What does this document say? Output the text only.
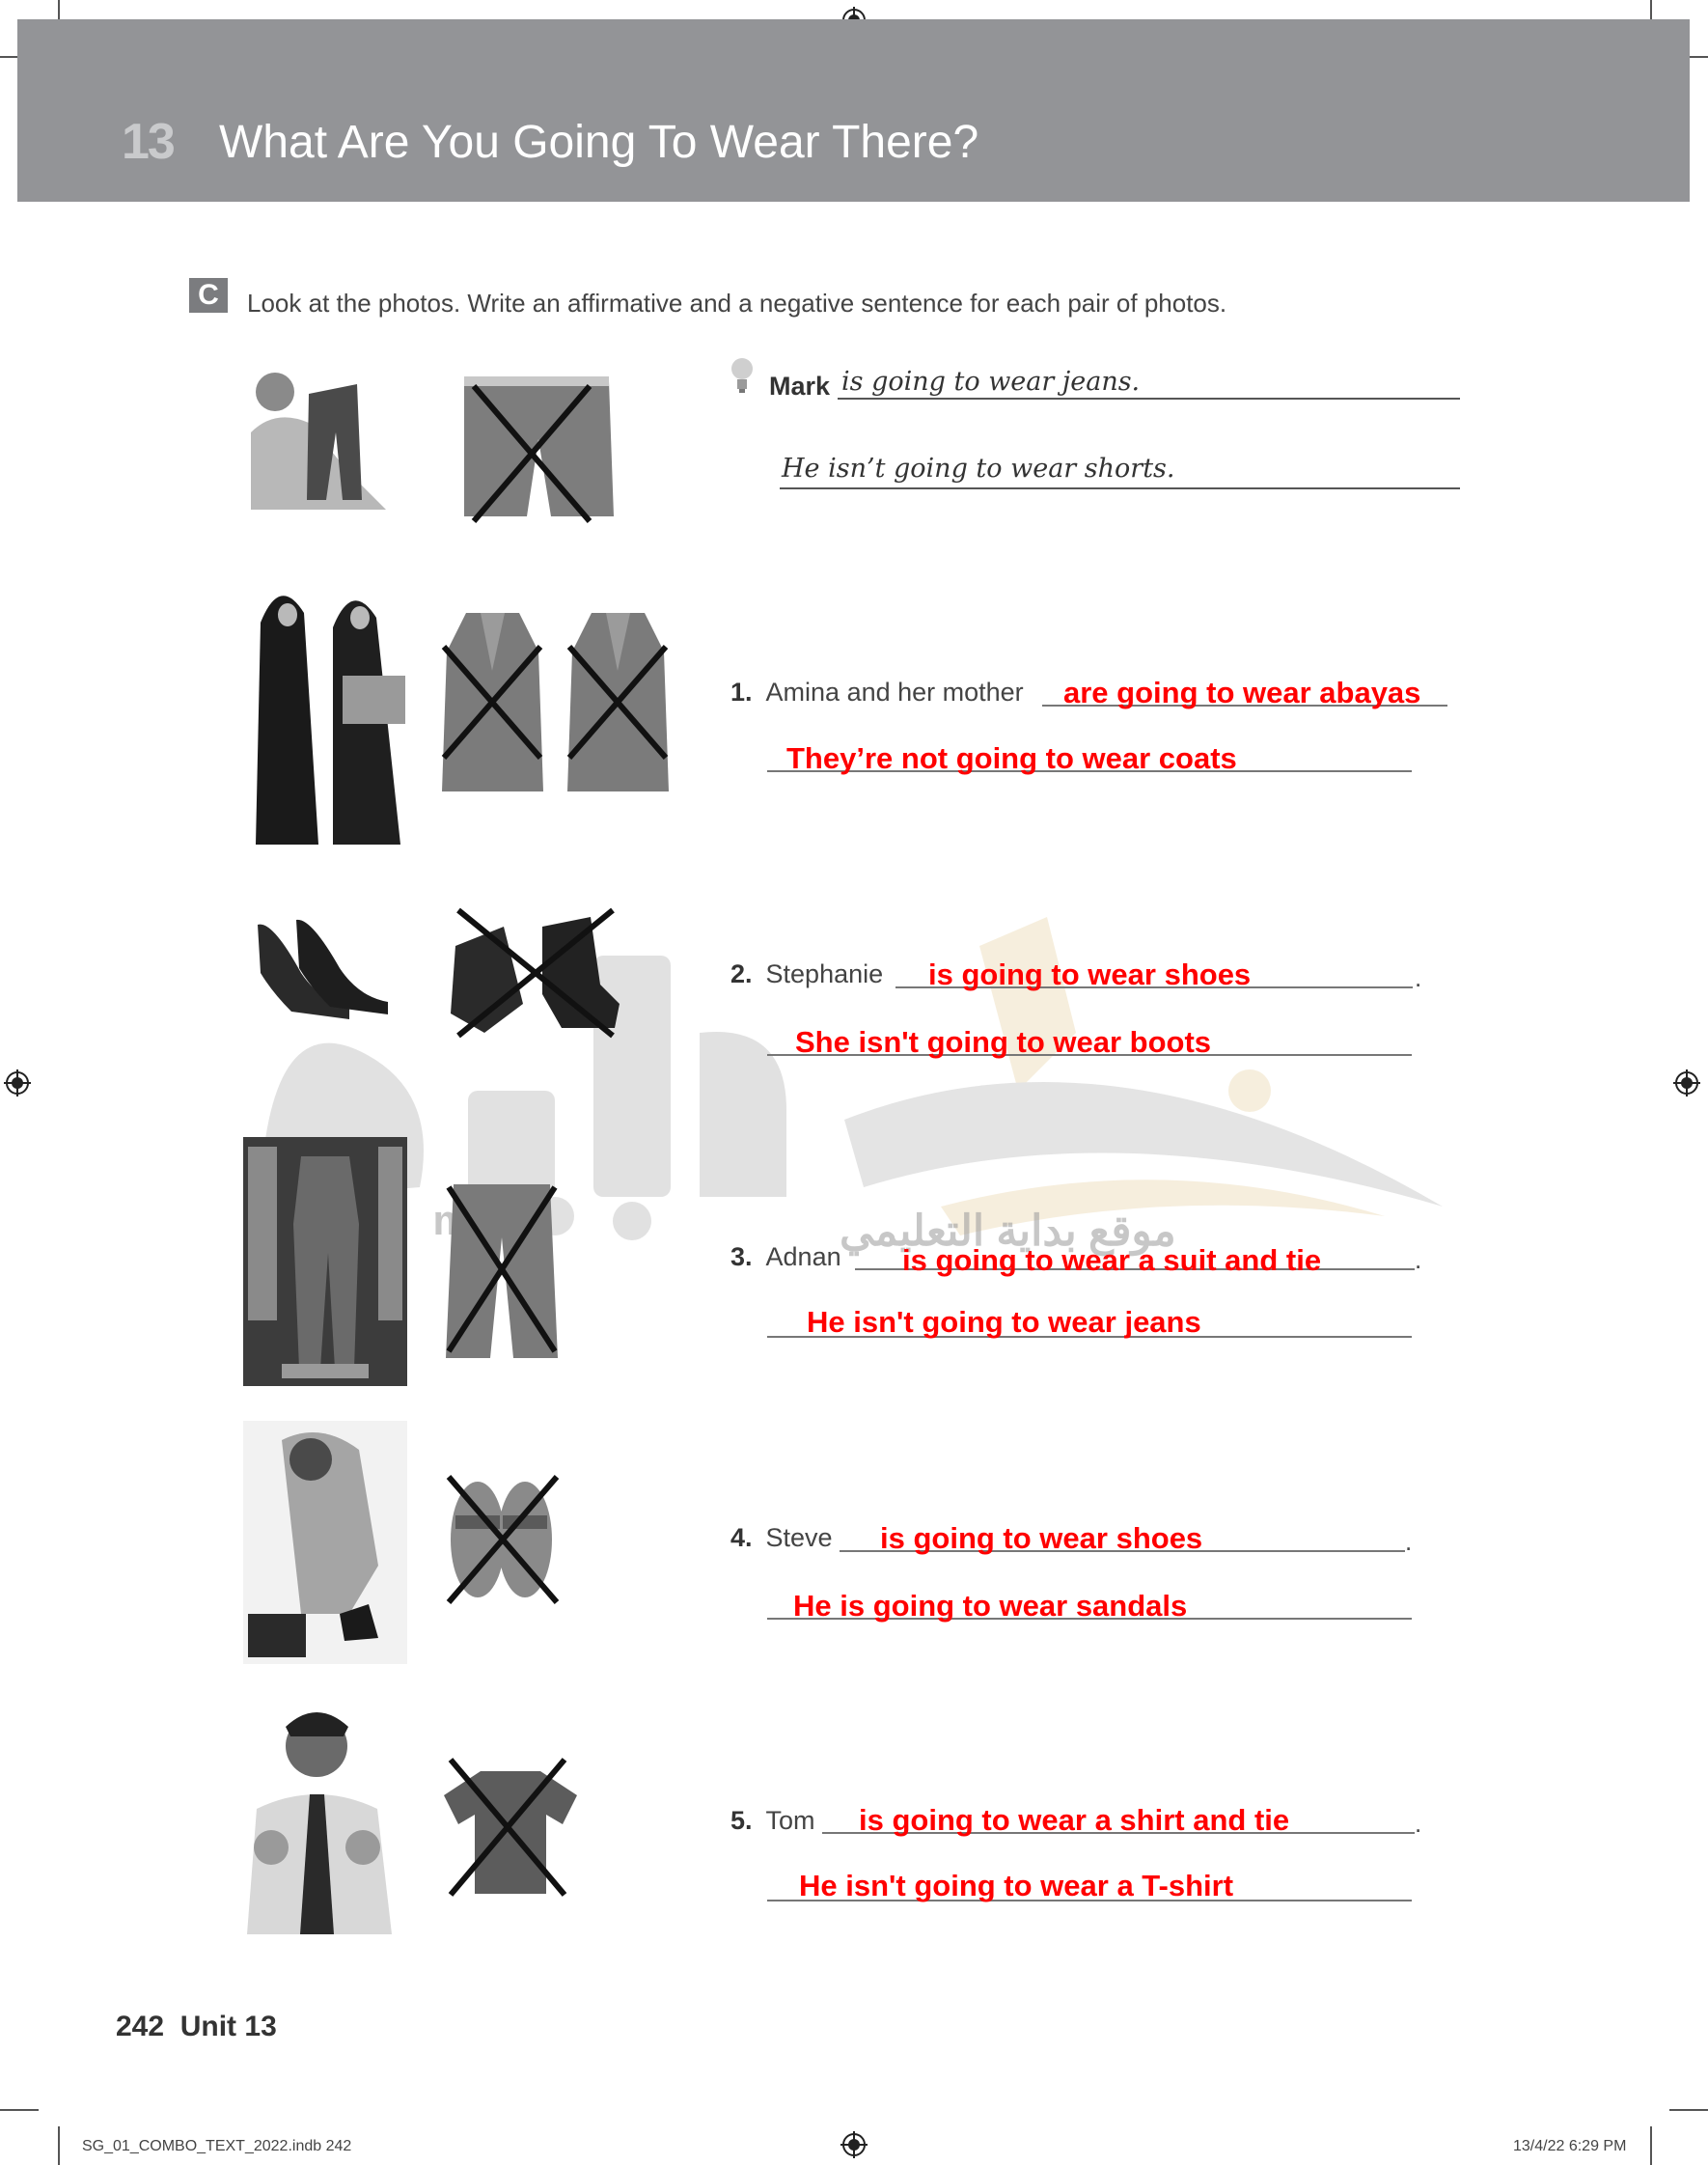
13 What Are You Going To Wear There?
C	Look at the photos. Write an affirmative and a negative sentence for each pair of photos.
موقع بداية التعليمي
Mark is going to wear jeans.
He isn’t going to wear shorts.
1. Amina and her mother are going to wear abayas
They’re not going to wear coats
2. Stephanie	.
is going to wear shoes
She isn't going to wear boots
3. Adnan	.
is going to wear a suit and tie
He isn't going to wear jeans
4. Steve	.
is going to wear shoes
He is going to wear sandals
5. Tom	.
is going to wear a shirt and tie
He isn't going to wear a T-shirt
242 Unit 13
SG_01_COMBO_TEXT_2022.indb 242	13/4/22 6:29 PM
